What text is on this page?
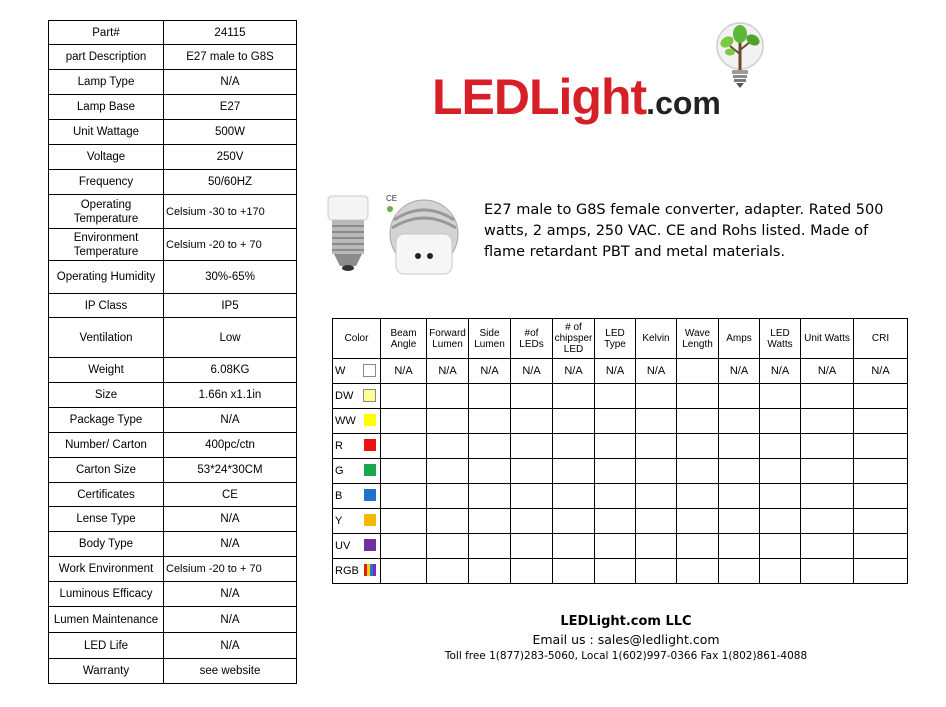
Part#	24115
part Description	E27 male to G8S
Lamp Type	N/A
Lamp Base	E27
Unit Wattage	500W
Voltage	250V
Frequency	50/60HZ
Operating Temperature	Celsium -30 to +170
Environment Temperature	Celsium -20 to + 70
Operating Humidity	30%-65%
IP Class	IP5
Ventilation	Low
Weight	6.08KG
Size	1.66n x1.1in
Package Type	N/A
Number/ Carton	400pc/ctn
Carton Size	53*24*30CM
Certificates	CE
Lense Type	N/A
Body Type	N/A
Work Environment	Celsium -20 to + 70
Luminous Efficacy	N/A
Lumen Maintenance	N/A
LED Life	N/A
Warranty	see website
LEDLight.com
CE
E27 male to G8S female converter, adapter. Rated 500 watts, 2 amps, 250 VAC. CE and Rohs listed. Made of flame retardant PBT and metal materials.
Color	Beam Angle	Forward Lumen	Side Lumen	#of LEDs	# of chipsper LED	LED Type	Kelvin	Wave Length	Amps	LED Watts	Unit Watts	CRI
W	N/A	N/A	N/A	N/A	N/A	N/A	N/A		N/A	N/A	N/A	N/A
DW

WW

R

G

B

Y

UV

RGB

LEDLight.com LLC
Email us : sales@ledlight.com
Toll free 1(877)283-5060, Local 1(602)997-0366 Fax 1(802)861-4088
